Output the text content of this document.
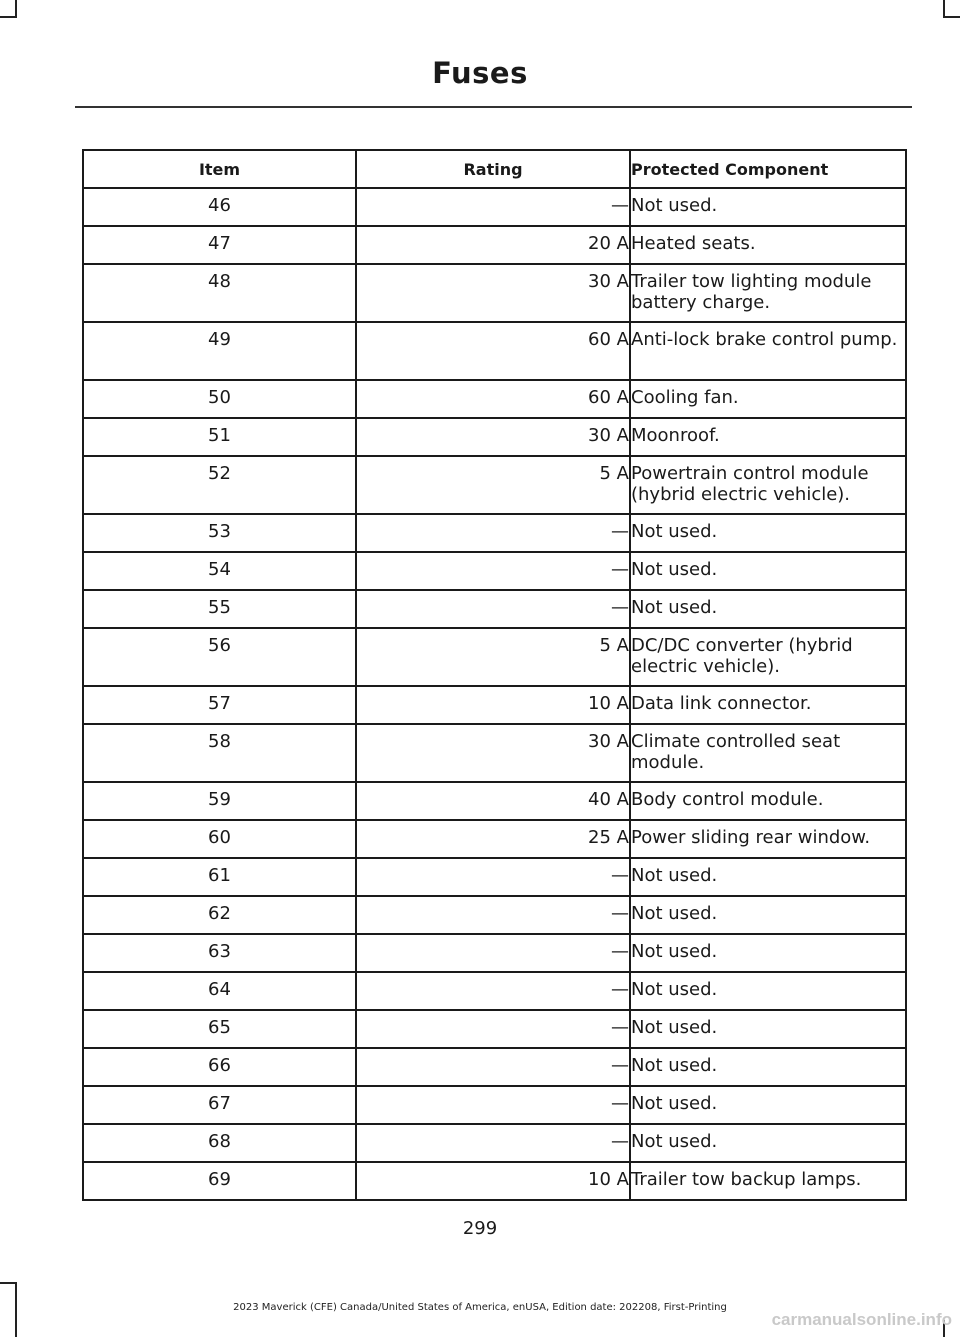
Fuses
Item	Rating	Protected Component
46	—	Not used.
47	20 A	Heated seats.
48	30 A	Trailer tow lighting module battery charge.
49	60 A	Anti-lock brake control pump.
50	60 A	Cooling fan.
51	30 A	Moonroof.
52	5 A	Powertrain control module (hybrid electric vehicle).
53	—	Not used.
54	—	Not used.
55	—	Not used.
56	5 A	DC/DC converter (hybrid electric vehicle).
57	10 A	Data link connector.
58	30 A	Climate controlled seat module.
59	40 A	Body control module.
60	25 A	Power sliding rear window.
61	—	Not used.
62	—	Not used.
63	—	Not used.
64	—	Not used.
65	—	Not used.
66	—	Not used.
67	—	Not used.
68	—	Not used.
69	10 A	Trailer tow backup lamps.
299
2023 Maverick (CFE) Canada/United States of America, enUSA, Edition date: 202208, First-Printing
carmanualsonline.info
